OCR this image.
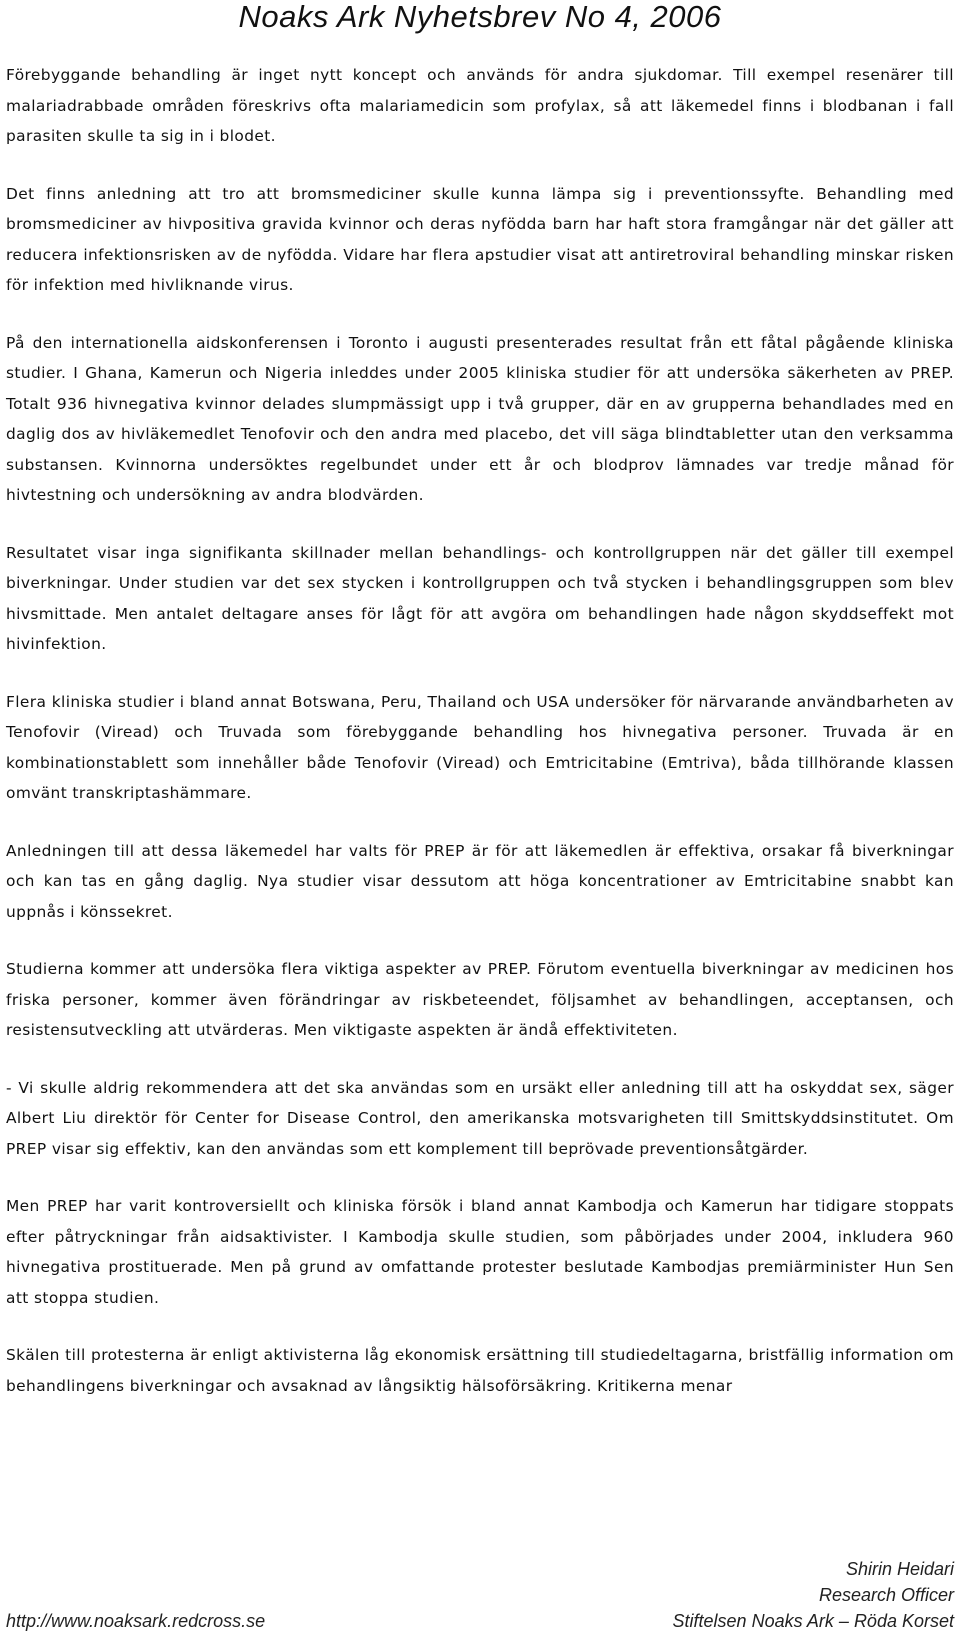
Noaks Ark Nyhetsbrev No 4, 2006

Förebyggande behandling är inget nytt koncept och används för andra sjukdomar. Till exempel resenärer till malariadrabbade områden föreskrivs ofta malariamedicin som profylax, så att läkemedel finns i blodbanan i fall parasiten skulle ta sig in i blodet.

Det finns anledning att tro att bromsmediciner skulle kunna lämpa sig i preventionssyfte. Behandling med bromsmediciner av hivpositiva gravida kvinnor och deras nyfödda barn har haft stora framgångar när det gäller att reducera infektionsrisken av de nyfödda. Vidare har flera apstudier visat att antiretroviral behandling minskar risken för infektion med hivliknande virus.

På den internationella aidskonferensen i Toronto i augusti presenterades resultat från ett fåtal pågående kliniska studier. I Ghana, Kamerun och Nigeria inleddes under 2005 kliniska studier för att undersöka säkerheten av PREP. Totalt 936 hivnegativa kvinnor delades slumpmässigt upp i två grupper, där en av grupperna behandlades med en daglig dos av hivläkemedlet Tenofovir och den andra med placebo, det vill säga blindtabletter utan den verksamma substansen. Kvinnorna undersöktes regelbundet under ett år och blodprov lämnades var tredje månad för hivtestning och undersökning av andra blodvärden.

Resultatet visar inga signifikanta skillnader mellan behandlings- och kontrollgruppen när det gäller till exempel biverkningar. Under studien var det sex stycken i kontrollgruppen och två stycken i behandlingsgruppen som blev hivsmittade. Men antalet deltagare anses för lågt för att avgöra om behandlingen hade någon skyddseffekt mot hivinfektion.

Flera kliniska studier i bland annat Botswana, Peru, Thailand och USA undersöker för närvarande användbarheten av Tenofovir (Viread) och Truvada som förebyggande behandling hos hivnegativa personer. Truvada är en kombinationstablett som innehåller både Tenofovir (Viread) och Emtricitabine (Emtriva), båda tillhörande klassen omvänt transkriptashämmare.

Anledningen till att dessa läkemedel har valts för PREP är för att läkemedlen är effektiva, orsakar få biverkningar och kan tas en gång daglig. Nya studier visar dessutom att höga koncentrationer av Emtricitabine snabbt kan uppnås i könssekret.

Studierna kommer att undersöka flera viktiga aspekter av PREP. Förutom eventuella biverkningar av medicinen hos friska personer, kommer även förändringar av riskbeteendet, följsamhet av behandlingen, acceptansen, och resistensutveckling att utvärderas. Men viktigaste aspekten är ändå effektiviteten.

- Vi skulle aldrig rekommendera att det ska användas som en ursäkt eller anledning till att ha oskyddat sex, säger Albert Liu direktör för Center for Disease Control, den amerikanska motsvarigheten till Smittskyddsinstitutet. Om PREP visar sig effektiv, kan den användas som ett komplement till beprövade preventionsåtgärder.

Men PREP har varit kontroversiellt och kliniska försök i bland annat Kambodja och Kamerun har tidigare stoppats efter påtryckningar från aidsaktivister. I Kambodja skulle studien, som påbörjades under 2004, inkludera 960 hivnegativa prostituerade. Men på grund av omfattande protester beslutade Kambodjas premiärminister Hun Sen att stoppa studien.

Skälen till protesterna är enligt aktivisterna låg ekonomisk ersättning till studiedeltagarna, bristfällig information om behandlingens biverkningar och avsaknad av långsiktig hälsoförsäkring. Kritikerna menar

Shirin Heidari
Research Officer
Stiftelsen Noaks Ark – Röda Korset
http://www.noaksark.redcross.se
